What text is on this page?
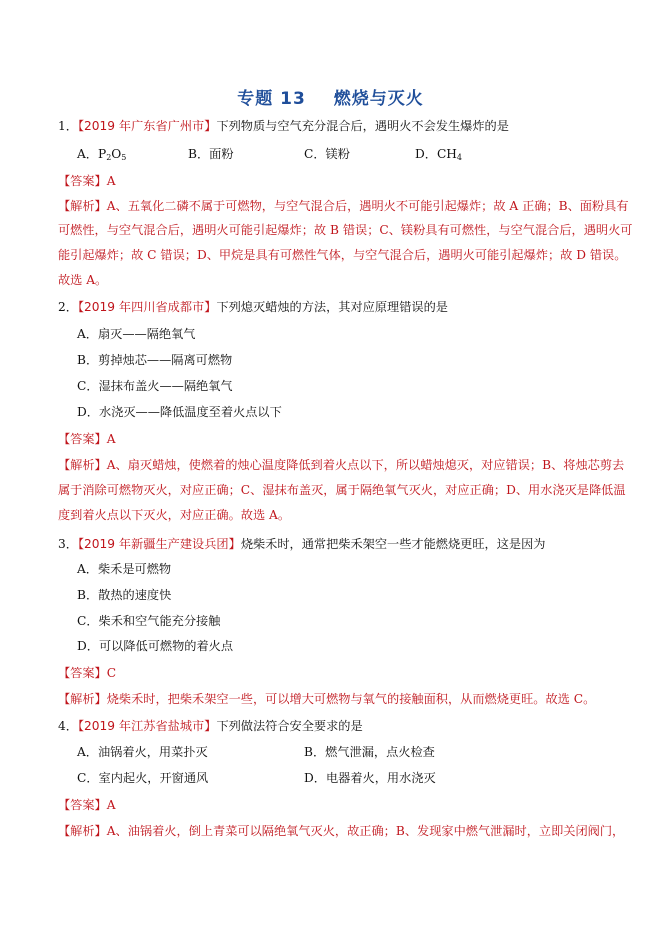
专题 13 燃烧与灭火
1．【2019 年广东省广州市】下列物质与空气充分混合后，遇明火不会发生爆炸的是
A．$P_2O_5$	B．面粉	C．镁粉	D．$CH_4$
【答案】A
【解析】A、五氧化二磷不属于可燃物，与空气混合后，遇明火不可能引起爆炸；故 A 正确；B、面粉具有
可燃性，与空气混合后，遇明火可能引起爆炸；故 B 错误；C、镁粉具有可燃性，与空气混合后，遇明火可
能引起爆炸；故 C 错误；D、甲烷是具有可燃性气体，与空气混合后，遇明火可能引起爆炸；故 D 错误。
故选 A。
2．【2019 年四川省成都市】下列熄灭蜡烛的方法，其对应原理错误的是
A．扇灭——隔绝氧气
B．剪掉烛芯——隔离可燃物
C．湿抹布盖火——隔绝氧气
D．水浇灭——降低温度至着火点以下
【答案】A
【解析】A、扇灭蜡烛，使燃着的烛心温度降低到着火点以下，所以蜡烛熄灭，对应错误；B、将烛芯剪去
属于消除可燃物灭火，对应正确；C、湿抹布盖灭，属于隔绝氧气灭火，对应正确；D、用水浇灭是降低温
度到着火点以下灭火，对应正确。故选 A。
3．【2019 年新疆生产建设兵团】烧柴禾时，通常把柴禾架空一些才能燃烧更旺，这是因为
A．柴禾是可燃物
B．散热的速度快
C．柴禾和空气能充分接触
D．可以降低可燃物的着火点
【答案】C
【解析】烧柴禾时，把柴禾架空一些，可以增大可燃物与氧气的接触面积，从而燃烧更旺。故选 C。
4．【2019 年江苏省盐城市】下列做法符合安全要求的是
A．油锅着火，用菜扑灭	B．燃气泄漏，点火检查
C．室内起火，开窗通风	D．电器着火，用水浇灭
【答案】A
【解析】A、油锅着火，倒上青菜可以隔绝氧气灭火，故正确；B、发现家中燃气泄漏时，立即关闭阀门，
